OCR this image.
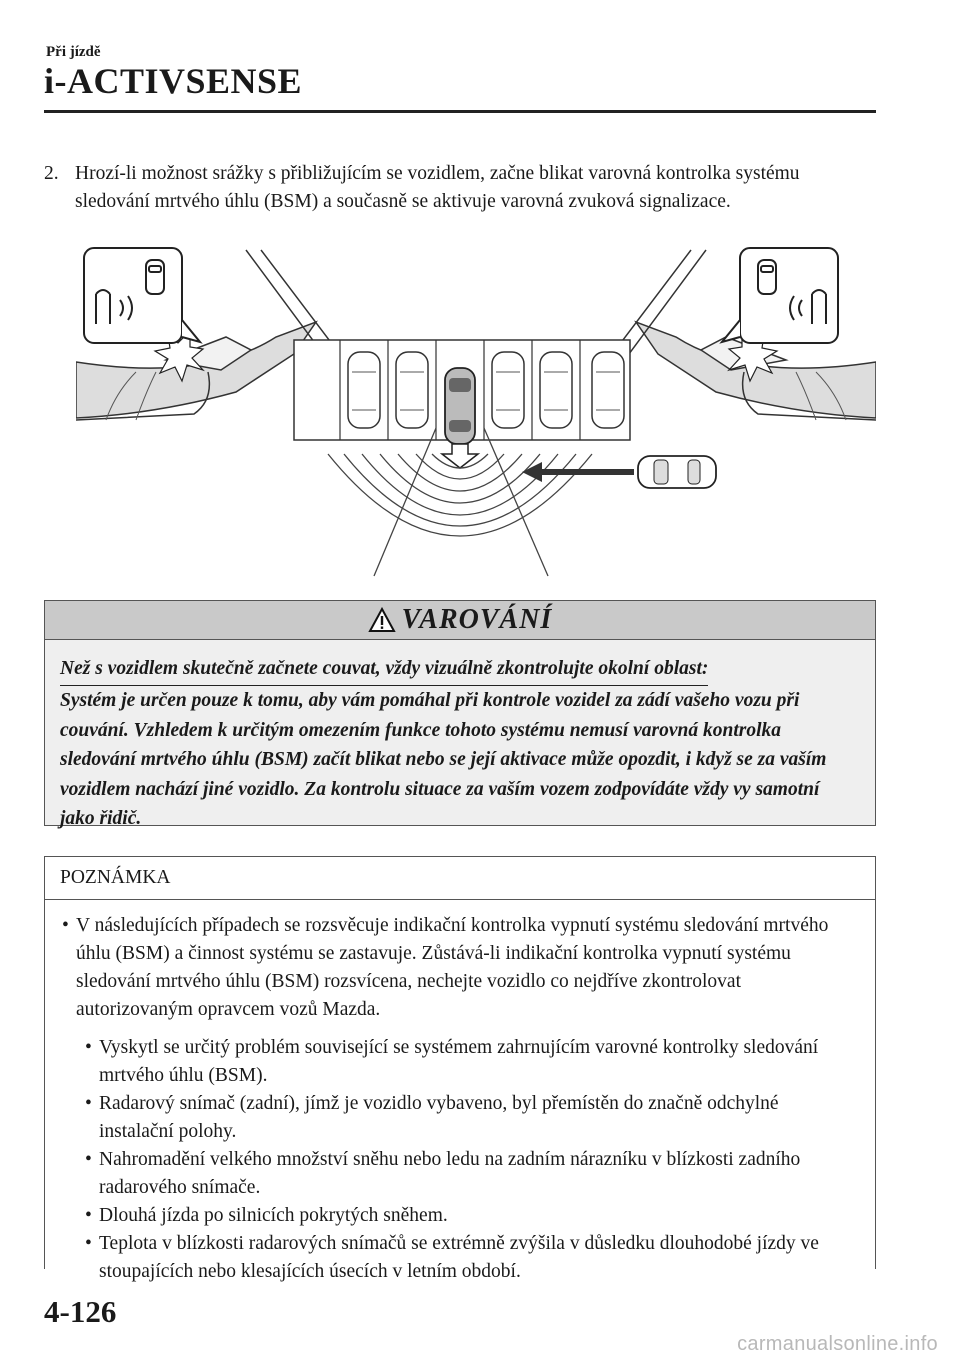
Při jízdě
i-ACTIVSENSE
2. Hrozí-li možnost srážky s přibližujícím se vozidlem, začne blikat varovná kontrolka systému sledování mrtvého úhlu (BSM) a současně se aktivuje varovná zvuková signalizace.
VAROVÁNÍ
Než s vozidlem skutečně začnete couvat, vždy vizuálně zkontrolujte okolní oblast:
Systém je určen pouze k tomu, aby vám pomáhal při kontrole vozidel za zádí vašeho vozu při couvání. Vzhledem k určitým omezením funkce tohoto systému nemusí varovná kontrolka sledování mrtvého úhlu (BSM) začít blikat nebo se její aktivace může opozdit, i když se za vaším vozidlem nachází jiné vozidlo. Za kontrolu situace za vaším vozem zodpovídáte vždy vy samotní jako řidič.
POZNÁMKA
• V následujících případech se rozsvěcuje indikační kontrolka vypnutí systému sledování mrtvého úhlu (BSM) a činnost systému se zastavuje. Zůstává-li indikační kontrolka vypnutí systému sledování mrtvého úhlu (BSM) rozsvícena, nechejte vozidlo co nejdříve zkontrolovat autorizovaným opravcem vozů Mazda.
• Vyskytl se určitý problém související se systémem zahrnujícím varovné kontrolky sledování mrtvého úhlu (BSM).
• Radarový snímač (zadní), jímž je vozidlo vybaveno, byl přemístěn do značně odchylné instalační polohy.
• Nahromadění velkého množství sněhu nebo ledu na zadním nárazníku v blízkosti zadního radarového snímače.
• Dlouhá jízda po silnicích pokrytých sněhem.
• Teplota v blízkosti radarových snímačů se extrémně zvýšila v důsledku dlouhodobé jízdy ve stoupajících nebo klesajících úsecích v letním období.
4-126
carmanualsonline.info
